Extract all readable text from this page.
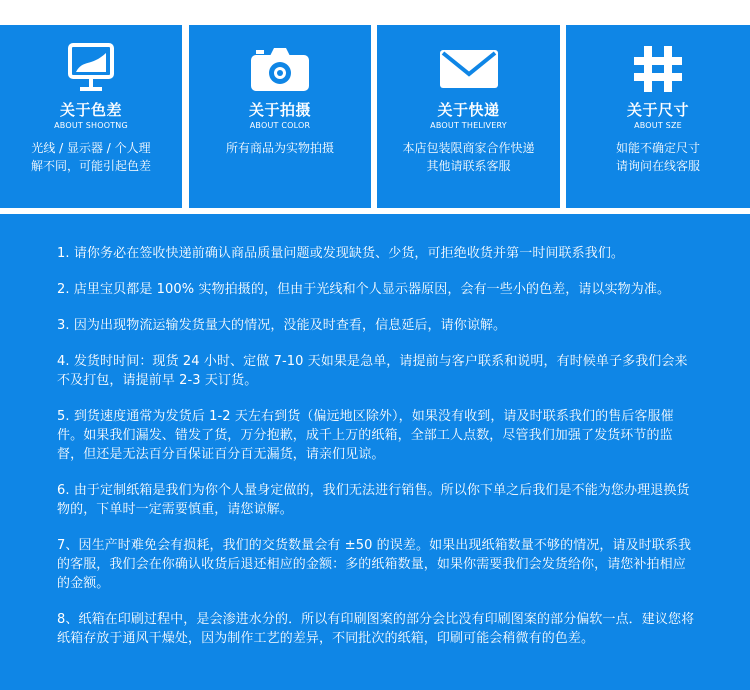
关于色差
ABOUT SHOOTNG
光线 / 显示器 / 个人理
解不同，可能引起色差
关于拍摄
ABOUT COLOR
所有商品为实物拍摄
关于快递
ABOUT THELIVERY
本店包装限商家合作快递
其他请联系客服
关于尺寸
ABOUT SZE
如能不确定尺寸
请询问在线客服

1. 请你务必在签收快递前确认商品质量问题或发现缺货、少货，可拒绝收货并第一时间联系我们。

2. 店里宝贝都是 100% 实物拍摄的，但由于光线和个人显示器原因，会有一些小的色差，请以实物为准。

3. 因为出现物流运输发货量大的情况，没能及时查看，信息延后，请你谅解。

4. 发货时时间：现货 24 小时、定做 7-10 天如果是急单，请提前与客户联系和说明，有时候单子多我们会来不及打包，请提前早 2-3 天订货。

5. 到货速度通常为发货后 1-2 天左右到货（偏远地区除外），如果没有收到，请及时联系我们的售后客服催件。如果我们漏发、错发了货，万分抱歉，成千上万的纸箱，全部工人点数，尽管我们加强了发货环节的监督，但还是无法百分百保证百分百无漏货，请亲们见谅。

6. 由于定制纸箱是我们为你个人量身定做的，我们无法进行销售。所以你下单之后我们是不能为您办理退换货物的，下单时一定需要慎重，请您谅解。

7、因生产时难免会有损耗，我们的交货数量会有 ±50 的误差。如果出现纸箱数量不够的情况，请及时联系我的客服，我们会在你确认收货后退还相应的金额：多的纸箱数量，如果你需要我们会发货给你，请您补拍相应的金额。

8、纸箱在印刷过程中，是会渗进水分的．所以有印刷图案的部分会比没有印刷图案的部分偏软一点．建议您将纸箱存放于通风干燥处，因为制作工艺的差异，不同批次的纸箱，印刷可能会稍微有的色差。
